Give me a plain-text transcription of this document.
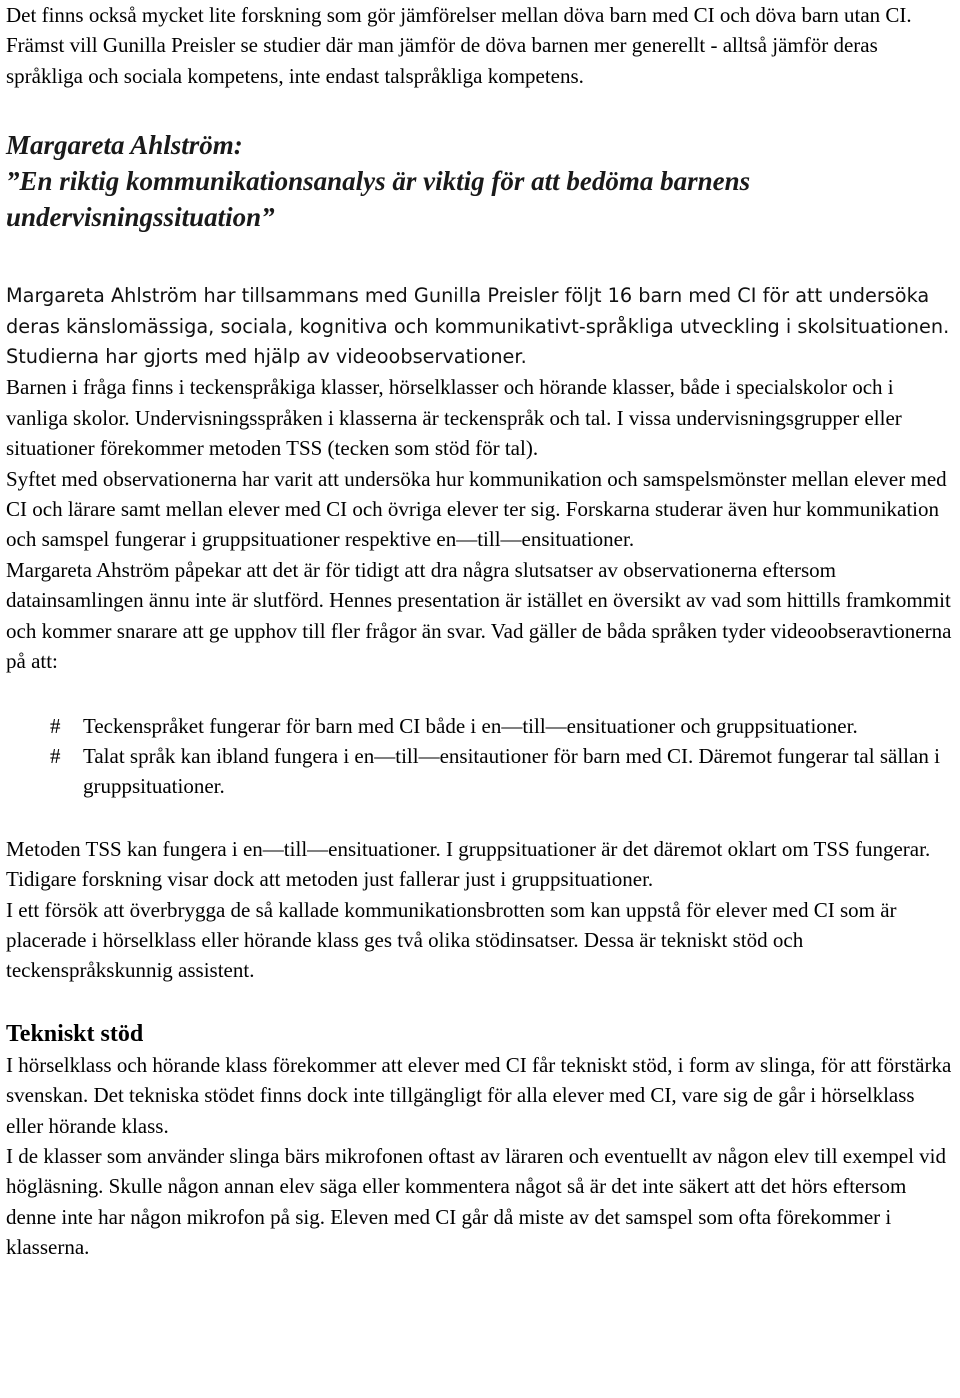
Det finns också mycket lite forskning som gör jämförelser mellan döva barn med CI och döva barn utan CI. Främst vill Gunilla Preisler se studier där man jämför de döva barnen mer generellt - alltså jämför deras språkliga och sociala kompetens, inte endast talspråkliga kompetens.

Margareta Ahlström:
”En riktig kommunikationsanalys är viktig för att bedöma barnens undervisningssituation”

Margareta Ahlström har tillsammans med Gunilla Preisler följt 16 barn med CI för att undersöka deras känslomässiga, sociala, kognitiva och kommunikativt-språkliga utveckling i skolsituationen. Studierna har gjorts med hjälp av videoobservationer.

Barnen i fråga finns i teckenspråkiga klasser, hörselklasser och hörande klasser, både i specialskolor och i vanliga skolor. Undervisningsspråken i klasserna är teckenspråk och tal. I vissa undervisningsgrupper eller situationer förekommer metoden TSS (tecken som stöd för tal).

Syftet med observationerna har varit att undersöka hur kommunikation och samspelsmönster mellan elever med CI och lärare samt mellan elever med CI och övriga elever ter sig. Forskarna studerar även hur kommunikation och samspel fungerar i gruppsituationer respektive en—till—ensituationer.

Margareta Ahström påpekar att det är för tidigt att dra några slutsatser av observationerna eftersom datainsamlingen ännu inte är slutförd. Hennes presentation är istället en översikt av vad som hittills framkommit och kommer snarare att ge upphov till fler frågor än svar. Vad gäller de båda språken tyder videoobseravtionerna på att:

# Teckenspråket fungerar för barn med CI både i en—till—ensituationer och gruppsituationer.
# Talat språk kan ibland fungera i en—till—ensitautioner för barn med CI. Däremot fungerar tal sällan i gruppsituationer.

Metoden TSS kan fungera i en—till—ensituationer. I gruppsituationer är det däremot oklart om TSS fungerar. Tidigare forskning visar dock att metoden just fallerar just i gruppsituationer.

I ett försök att överbrygga de så kallade kommunikationsbrotten som kan uppstå för elever med CI som är placerade i hörselklass eller hörande klass ges två olika stödinsatser. Dessa är tekniskt stöd och teckenspråkskunnig assistent.

Tekniskt stöd

I hörselklass och hörande klass förekommer att elever med CI får tekniskt stöd, i form av slinga, för att förstärka svenskan. Det tekniska stödet finns dock inte tillgängligt för alla elever med CI, vare sig de går i hörselklass eller hörande klass.

I de klasser som använder slinga bärs mikrofonen oftast av läraren och eventuellt av någon elev till exempel vid högläsning. Skulle någon annan elev säga eller kommentera något så är det inte säkert att det hörs eftersom denne inte har någon mikrofon på sig. Eleven med CI går då miste av det samspel som ofta förekommer i klasserna.
